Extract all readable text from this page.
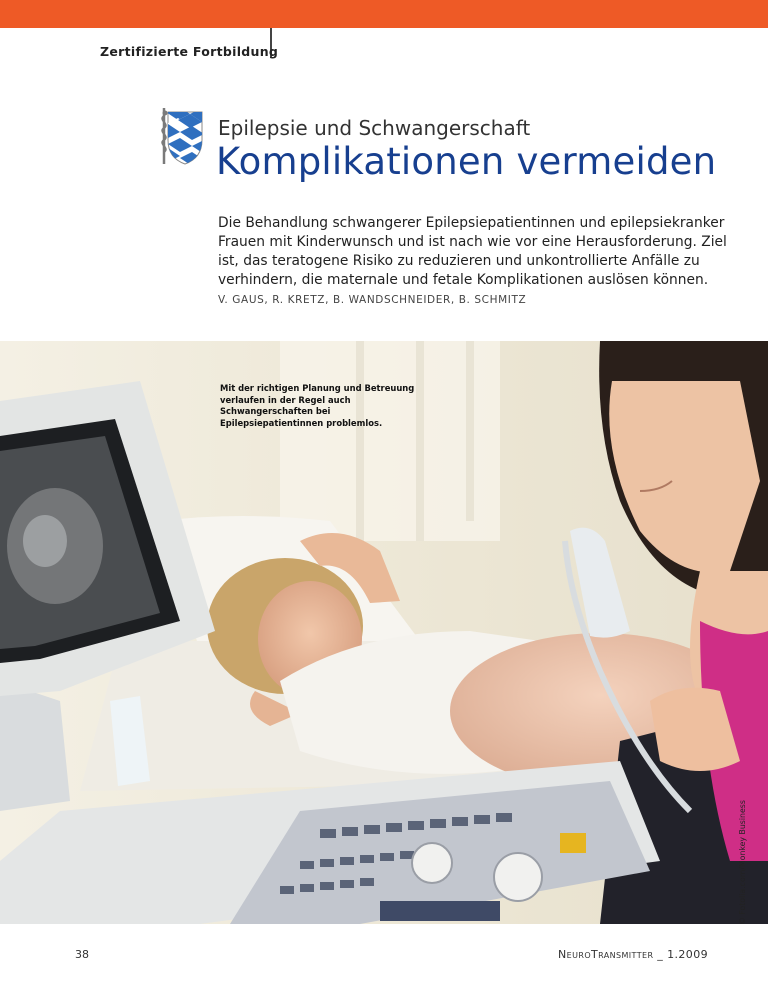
Zertifizierte Fortbildung
Epilepsie und Schwangerschaft
Komplikationen vermeiden
Die Behandlung schwangerer Epilepsiepatientinnen und epilepsiekranker Frauen mit Kinderwunsch und ist nach wie vor eine Herausforderung. Ziel ist, das teratogene Risiko zu reduzieren und unkontrollierte Anfälle zu verhindern, die maternale und fetale Komplikationen auslösen können.
V. GAUS, R. KRETZ, B. WANDSCHNEIDER, B. SCHMITZ
Mit der richtigen Planung und Betreuung verlaufen in der Regel auch Schwangerschaften bei Epilepsiepatientinnen problemlos.
© Fotolia.com/Monkey Business
38	NeuroTransmitter _ 1.2009
